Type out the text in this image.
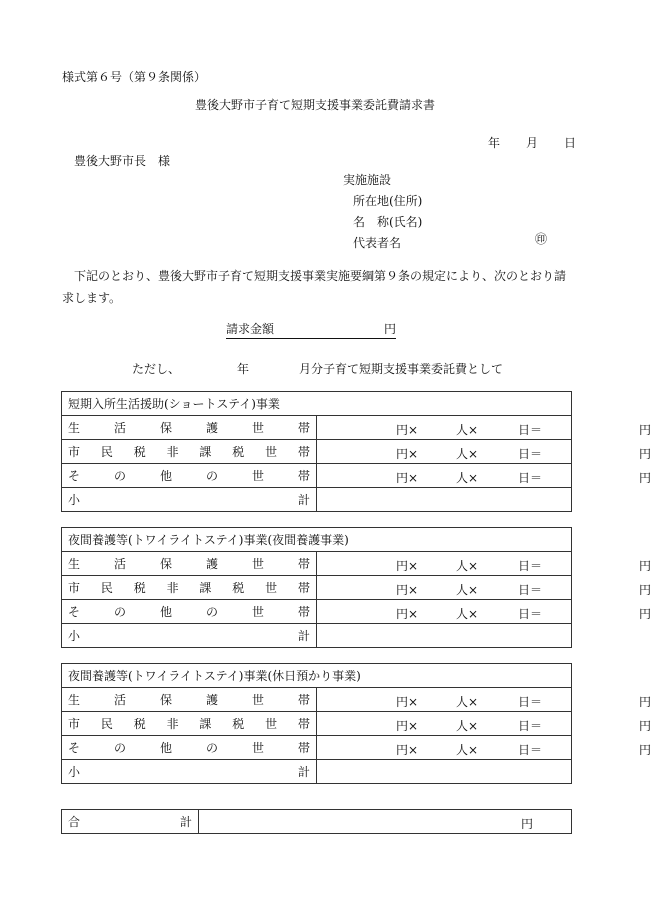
様式第６号（第９条関係）
豊後大野市子育て短期支援事業委託費請求書
年 月 日
豊後大野市長　様
実施施設
所在地(住所)
名　称(氏名)
代表者名	㊞
下記のとおり、豊後大野市子育て短期支援事業実施要綱第９条の規定により、次のとおり請求します。
請求金額	円
ただし、	年	月分子育て短期支援事業委託費として
短期入所生活援助(ショートステイ)事業	
生活保護世帯	円× 人× 日＝ 円

市民税非課税世帯	円× 人× 日＝ 円

その他の世帯	円× 人× 日＝ 円

小計	
夜間養護等(トワイライトステイ)事業(夜間養護事業)	
生活保護世帯	円× 人× 日＝ 円

市民税非課税世帯	円× 人× 日＝ 円

その他の世帯	円× 人× 日＝ 円

小計	
夜間養護等(トワイライトステイ)事業(休日預かり事業)	
生活保護世帯	円× 人× 日＝ 円

市民税非課税世帯	円× 人× 日＝ 円

その他の世帯	円× 人× 日＝ 円

小計	
合計	円
